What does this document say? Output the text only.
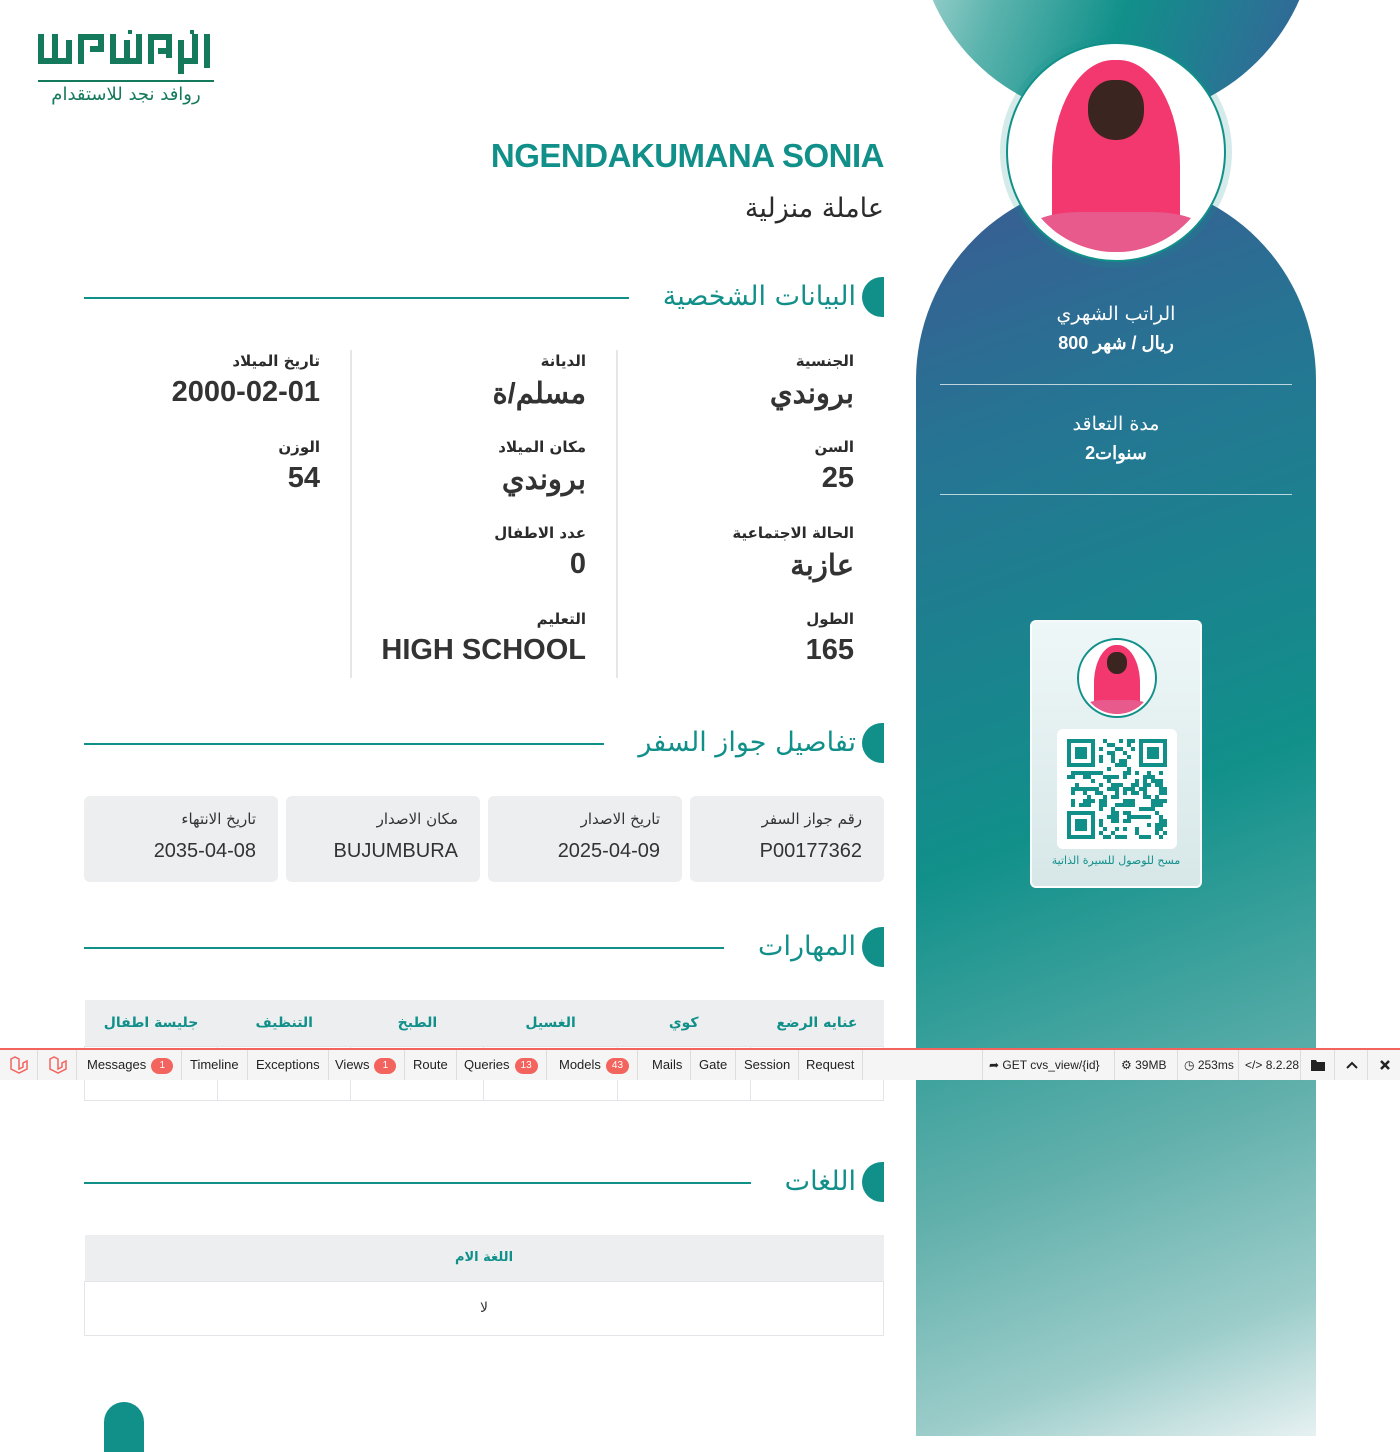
روافد نجد للاستقدام
NGENDAKUMANA SONIA
عاملة منزلية
البيانات الشخصية
الجنسية
بروندي
السن
25
الحالة الاجتماعية
عازبة
الطول
165
الديانة
مسلم/ة
مكان الميلاد
بروندي
عدد الاطفال
0
التعليم
HIGH SCHOOL
تاريخ الميلاد
2000-02-01
الوزن
54
تفاصيل جواز السفر
رقم جواز السفر
P00177362
تاريخ الاصدار
2025-04-09
مكان الاصدار
BUJUMBURA
تاريخ الانتهاء
2035-04-08
المهارات
جليسة اطفال	التنظيف	الطبخ	الغسيل	كوي	عنايه الرضع

اللغات
اللغة الام
لا
الراتب الشهري
800 ريال / شهر
مدة التعاقد
2سنوات
مسح للوصول للسيرة الذاتية
Messages 1	Timeline	Exceptions	Views 1	Route	Queries 13	Models 43	Mails	Gate	Session	Request	➦ GET cvs_view/{id}	⚙ 39MB	◷ 253ms </> 8.2.28
